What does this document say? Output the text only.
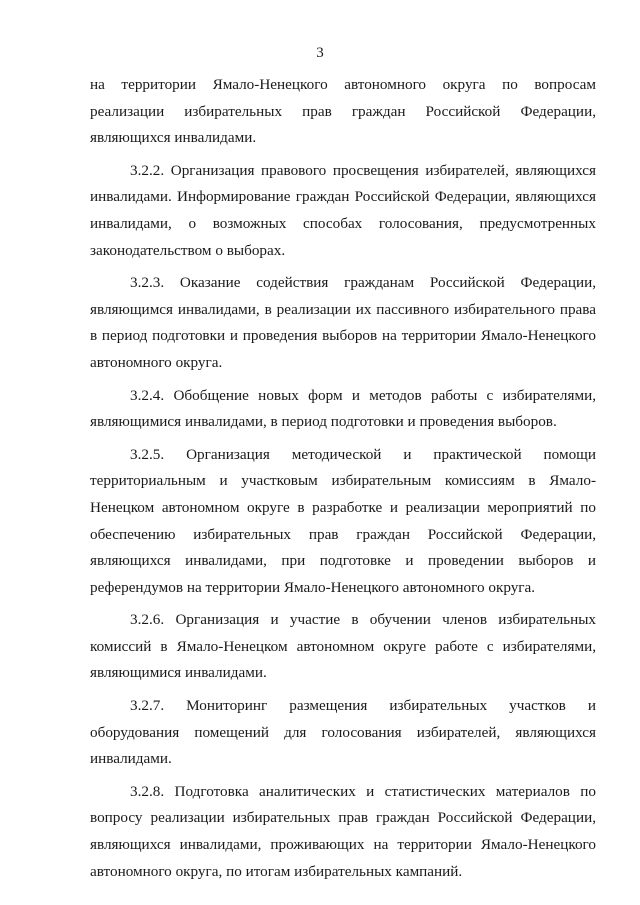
3

на территории Ямало-Ненецкого автономного округа по вопросам реализации избирательных прав граждан Российской Федерации, являющихся инвалидами.

3.2.2. Организация правового просвещения избирателей, являющихся инвалидами. Информирование граждан Российской Федерации, являющихся инвалидами, о возможных способах голосования, предусмотренных законодательством о выборах.

3.2.3. Оказание содействия гражданам Российской Федерации, являющимся инвалидами, в реализации их пассивного избирательного права в период подготовки и проведения выборов на территории Ямало-Ненецкого автономного округа.

3.2.4. Обобщение новых форм и методов работы с избирателями, являющимися инвалидами, в период подготовки и проведения выборов.

3.2.5. Организация методической и практической помощи территориальным и участковым избирательным комиссиям в Ямало-Ненецком автономном округе в разработке и реализации мероприятий по обеспечению избирательных прав граждан Российской Федерации, являющихся инвалидами, при подготовке и проведении выборов и референдумов на территории Ямало-Ненецкого автономного округа.

3.2.6. Организация и участие в обучении членов избирательных комиссий в Ямало-Ненецком автономном округе работе с избирателями, являющимися инвалидами.

3.2.7. Мониторинг размещения избирательных участков и оборудования помещений для голосования избирателей, являющихся инвалидами.

3.2.8. Подготовка аналитических и статистических материалов по вопросу реализации избирательных прав граждан Российской Федерации, являющихся инвалидами, проживающих на территории Ямало-Ненецкого автономного округа, по итогам избирательных кампаний.
